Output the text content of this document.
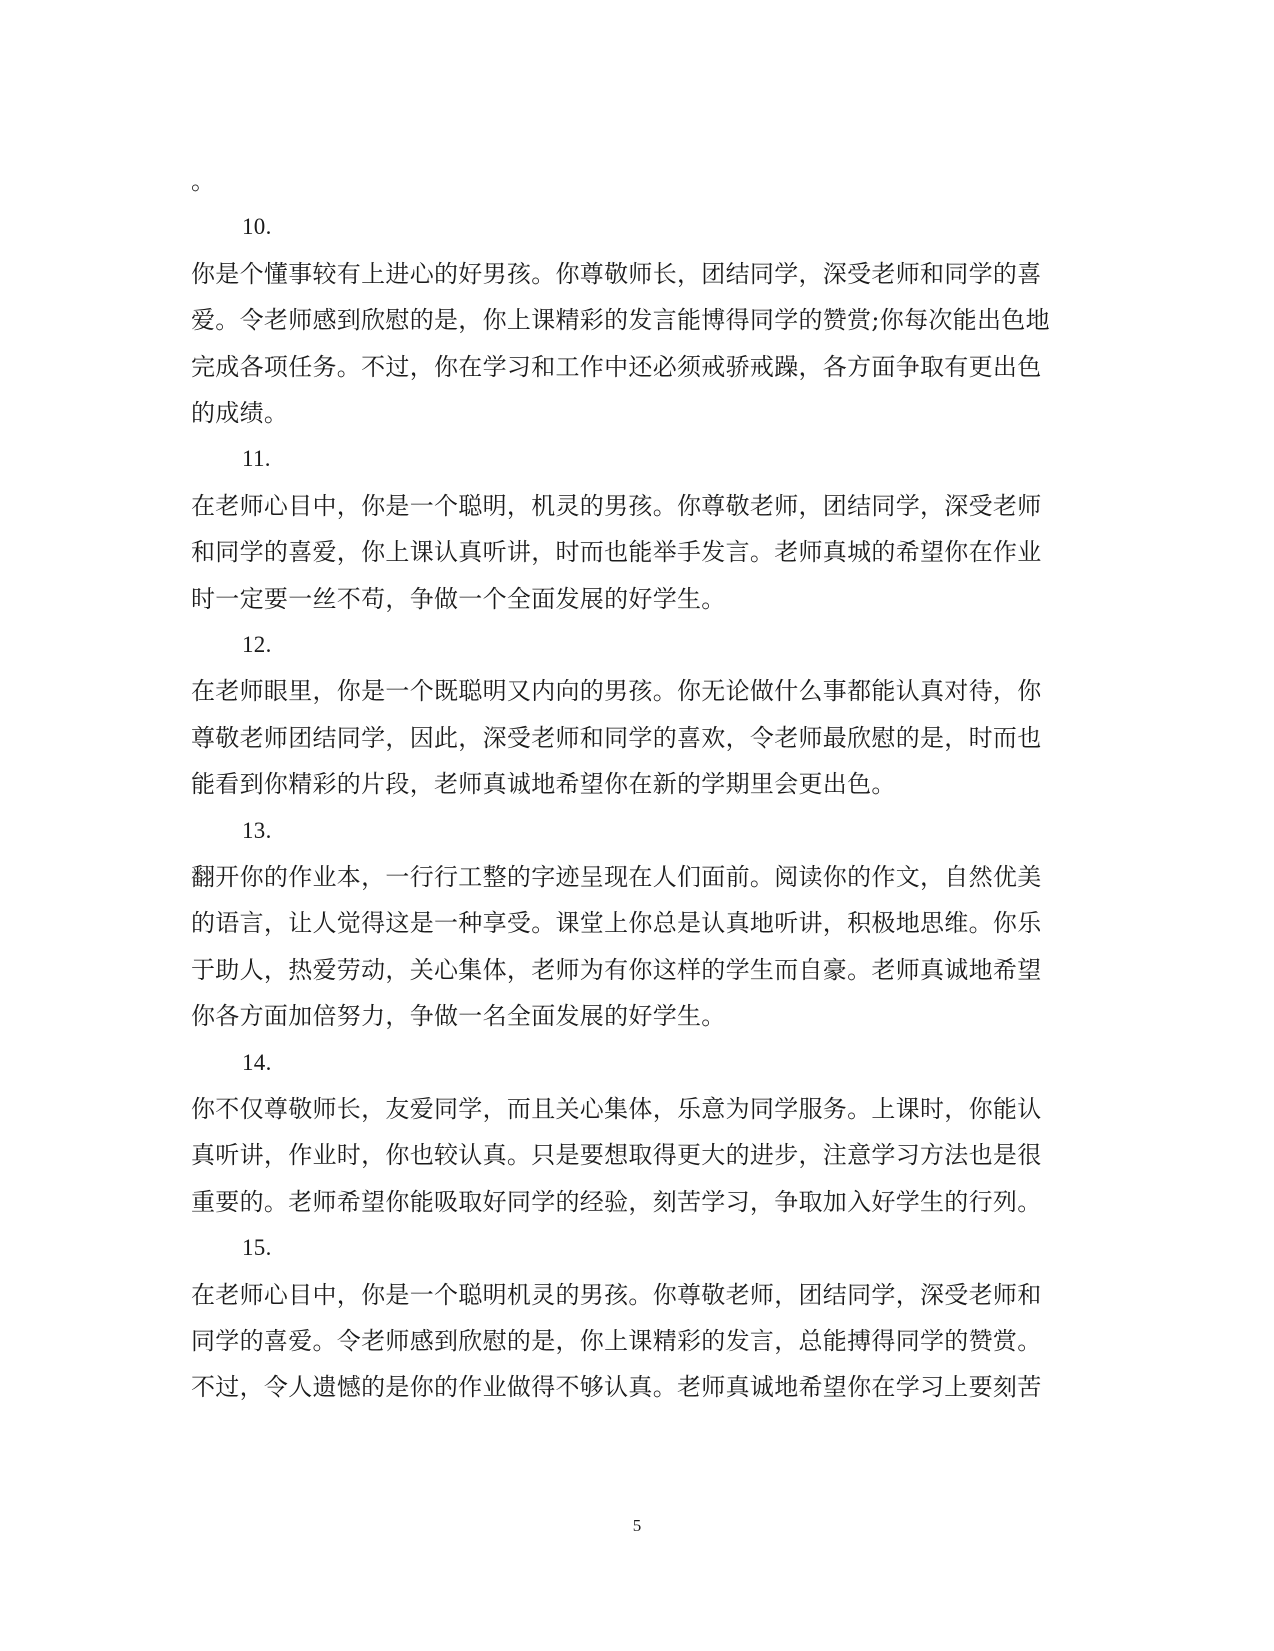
。
10.
你是个懂事较有上进心的好男孩。你尊敬师长，团结同学，深受老师和同学的喜
爱。令老师感到欣慰的是，你上课精彩的发言能博得同学的赞赏;你每次能出色地
完成各项任务。不过，你在学习和工作中还必须戒骄戒躁，各方面争取有更出色
的成绩。
11.
在老师心目中，你是一个聪明，机灵的男孩。你尊敬老师，团结同学，深受老师
和同学的喜爱，你上课认真听讲，时而也能举手发言。老师真城的希望你在作业
时一定要一丝不苟，争做一个全面发展的好学生。
12.
在老师眼里，你是一个既聪明又内向的男孩。你无论做什么事都能认真对待，你
尊敬老师团结同学，因此，深受老师和同学的喜欢，令老师最欣慰的是，时而也
能看到你精彩的片段，老师真诚地希望你在新的学期里会更出色。
13.
翻开你的作业本，一行行工整的字迹呈现在人们面前。阅读你的作文，自然优美
的语言，让人觉得这是一种享受。课堂上你总是认真地听讲，积极地思维。你乐
于助人，热爱劳动，关心集体，老师为有你这样的学生而自豪。老师真诚地希望
你各方面加倍努力，争做一名全面发展的好学生。
14.
你不仅尊敬师长，友爱同学，而且关心集体，乐意为同学服务。上课时，你能认
真听讲，作业时，你也较认真。只是要想取得更大的进步，注意学习方法也是很
重要的。老师希望你能吸取好同学的经验，刻苦学习，争取加入好学生的行列。
15.
在老师心目中，你是一个聪明机灵的男孩。你尊敬老师，团结同学，深受老师和
同学的喜爱。令老师感到欣慰的是，你上课精彩的发言，总能搏得同学的赞赏。
不过，令人遗憾的是你的作业做得不够认真。老师真诚地希望你在学习上要刻苦
5
